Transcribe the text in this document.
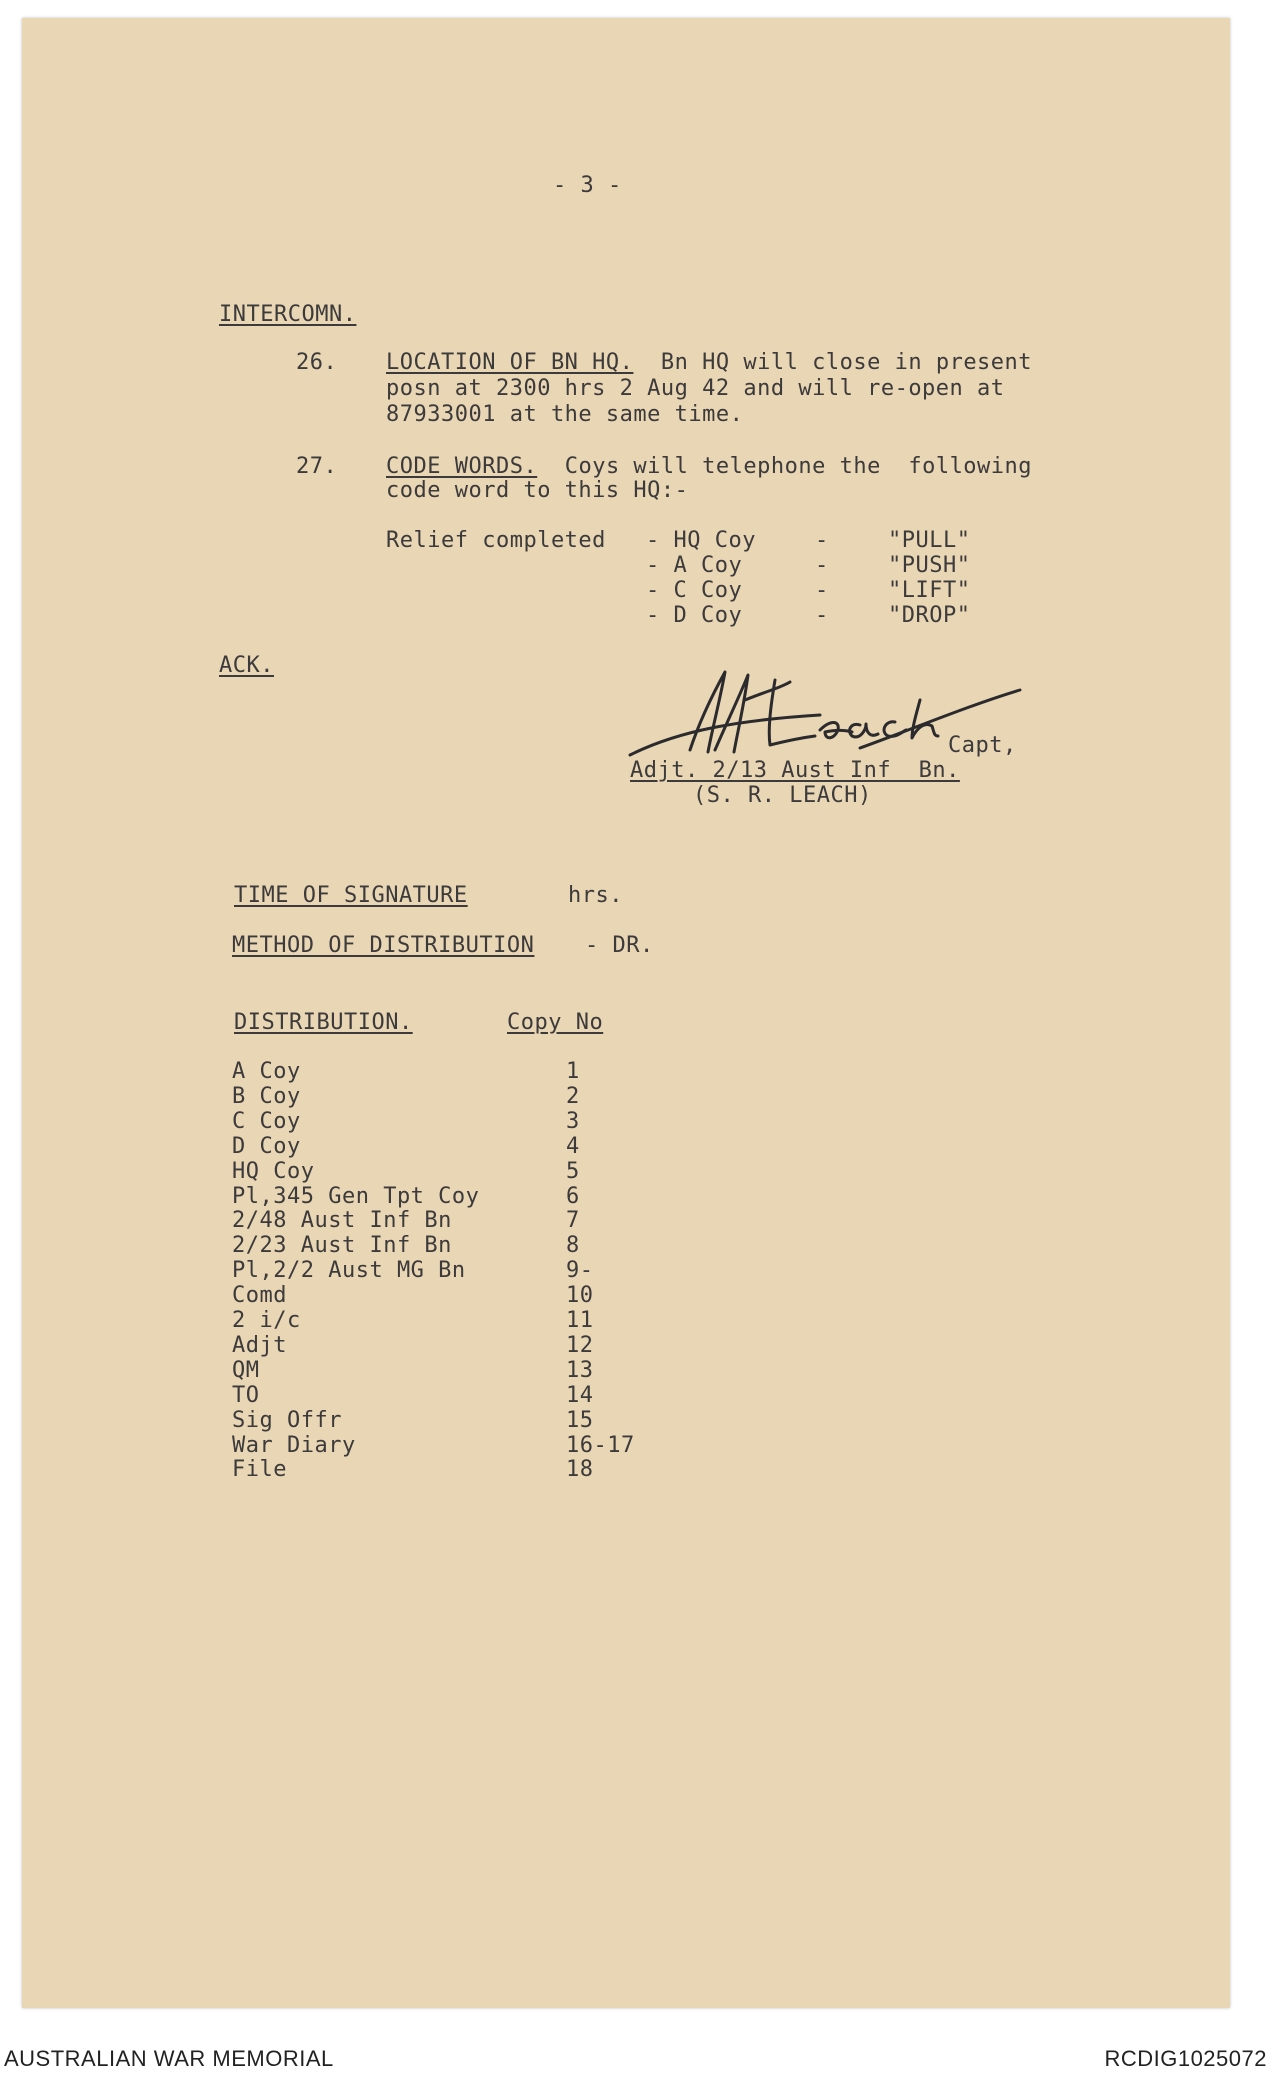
- 3 -
INTERCOMN.
26. LOCATION OF BN HQ. Bn HQ will close in present
posn at 2300 hrs 2 Aug 42 and will re-open at
87933001 at the same time.
27. CODE WORDS. Coys will telephone the  following
code word to this HQ:-
Relief completed - HQ Coy	-	"PULL"
- A Coy	-	"PUSH"
- C Coy	-	"LIFT"
- D Coy	-	"DROP"
ACK.
Capt,
Adjt. 2/13 Aust Inf  Bn.
(S. R. LEACH)
TIME OF SIGNATURE	hrs.
METHOD OF DISTRIBUTION - DR.
DISTRIBUTION.	Copy No
A Coy	1
B Coy	2
C Coy	3
D Coy	4
HQ Coy	5
Pl,345 Gen Tpt Coy	6
2/48 Aust Inf Bn	7
2/23 Aust Inf Bn	8
Pl,2/2 Aust MG Bn	9-
Comd	10
2 i/c	11
Adjt	12
QM	13
TO	14
Sig Offr	15
War Diary	16-17
File	18
AUSTRALIAN WAR MEMORIAL	RCDIG1025072
